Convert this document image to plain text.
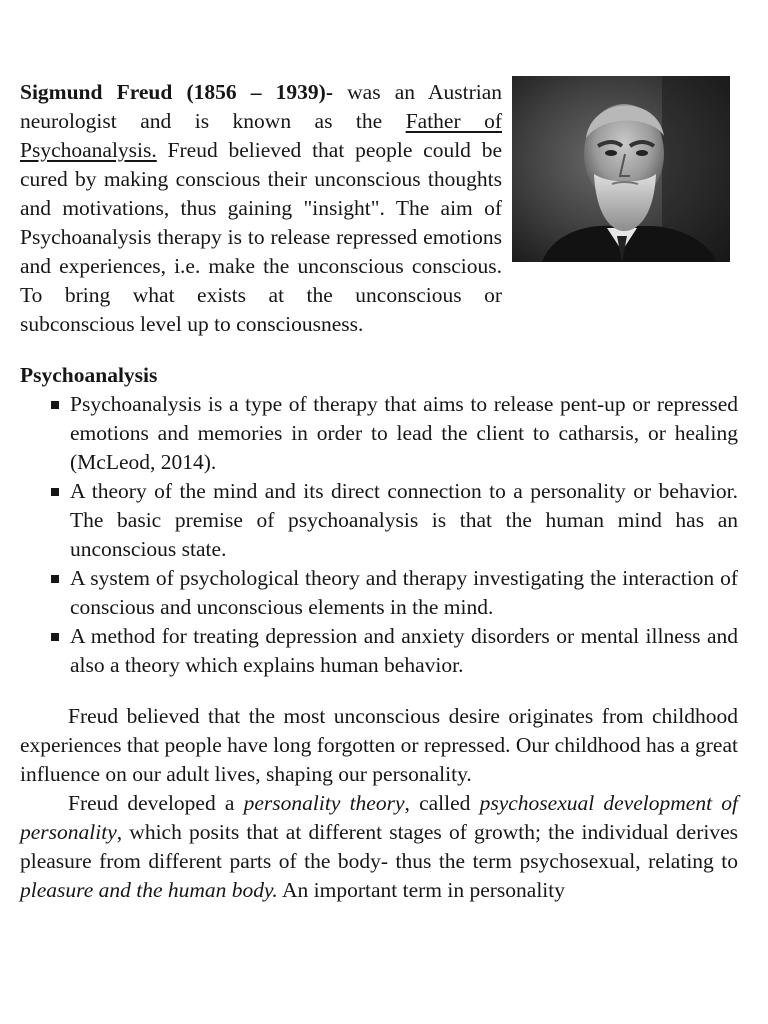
Sigmund Freud (1856 – 1939)- was an Austrian neurologist and is known as the Father of Psychoanalysis. Freud believed that people could be cured by making conscious their unconscious thoughts and motivations, thus gaining "insight". The aim of Psychoanalysis therapy is to release repressed emotions and experiences, i.e. make the unconscious conscious. To bring what exists at the unconscious or subconscious level up to consciousness.
Psychoanalysis
Psychoanalysis is a type of therapy that aims to release pent-up or repressed emotions and memories in order to lead the client to catharsis, or healing (McLeod, 2014).
A theory of the mind and its direct connection to a personality or behavior. The basic premise of psychoanalysis is that the human mind has an unconscious state.
A system of psychological theory and therapy investigating the interaction of conscious and unconscious elements in the mind.
A method for treating depression and anxiety disorders or mental illness and also a theory which explains human behavior.

Freud believed that the most unconscious desire originates from childhood experiences that people have long forgotten or repressed. Our childhood has a great influence on our adult lives, shaping our personality.

Freud developed a personality theory, called psychosexual development of personality, which posits that at different stages of growth; the individual derives pleasure from different parts of the body- thus the term psychosexual, relating to pleasure and the human body. An important term in personality
